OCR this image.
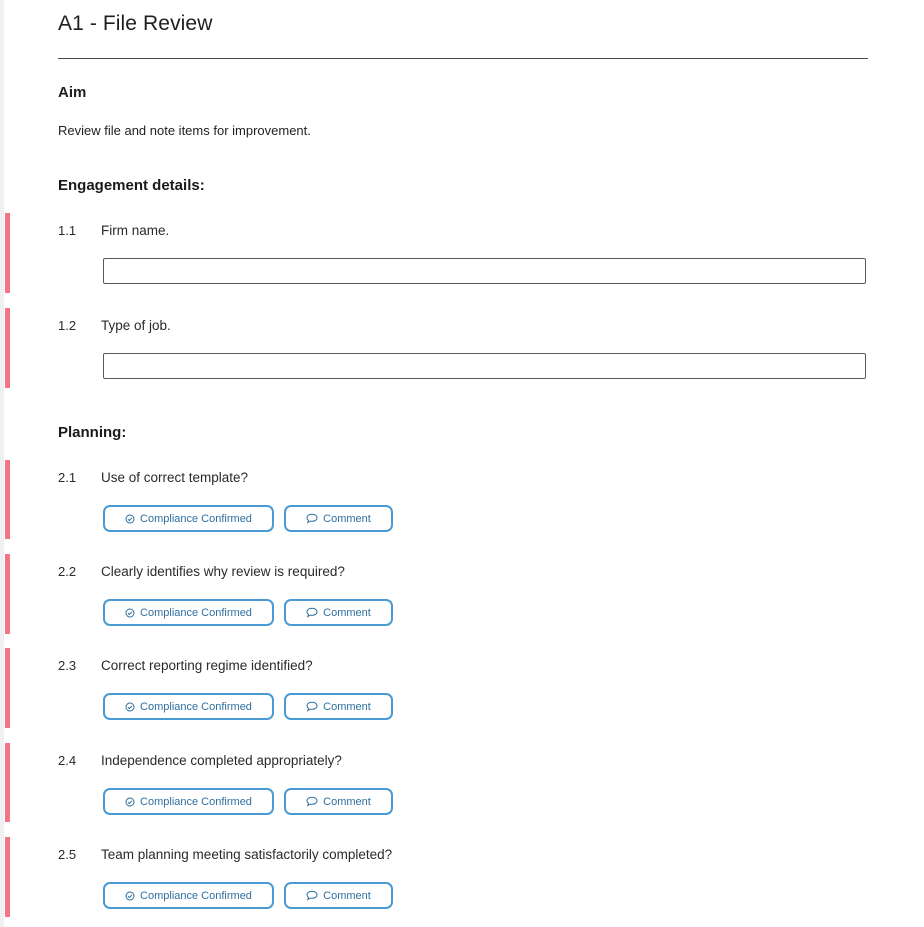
A1 - File Review
Aim
Review file and note items for improvement.
Engagement details:
1.1 Firm name.
1.2 Type of job.
Planning:
2.1 Use of correct template?
Compliance Confirmed	Comment
2.2 Clearly identifies why review is required?
Compliance Confirmed	Comment
2.3 Correct reporting regime identified?
Compliance Confirmed	Comment
2.4 Independence completed appropriately?
Compliance Confirmed	Comment
2.5 Team planning meeting satisfactorily completed?
Compliance Confirmed	Comment
